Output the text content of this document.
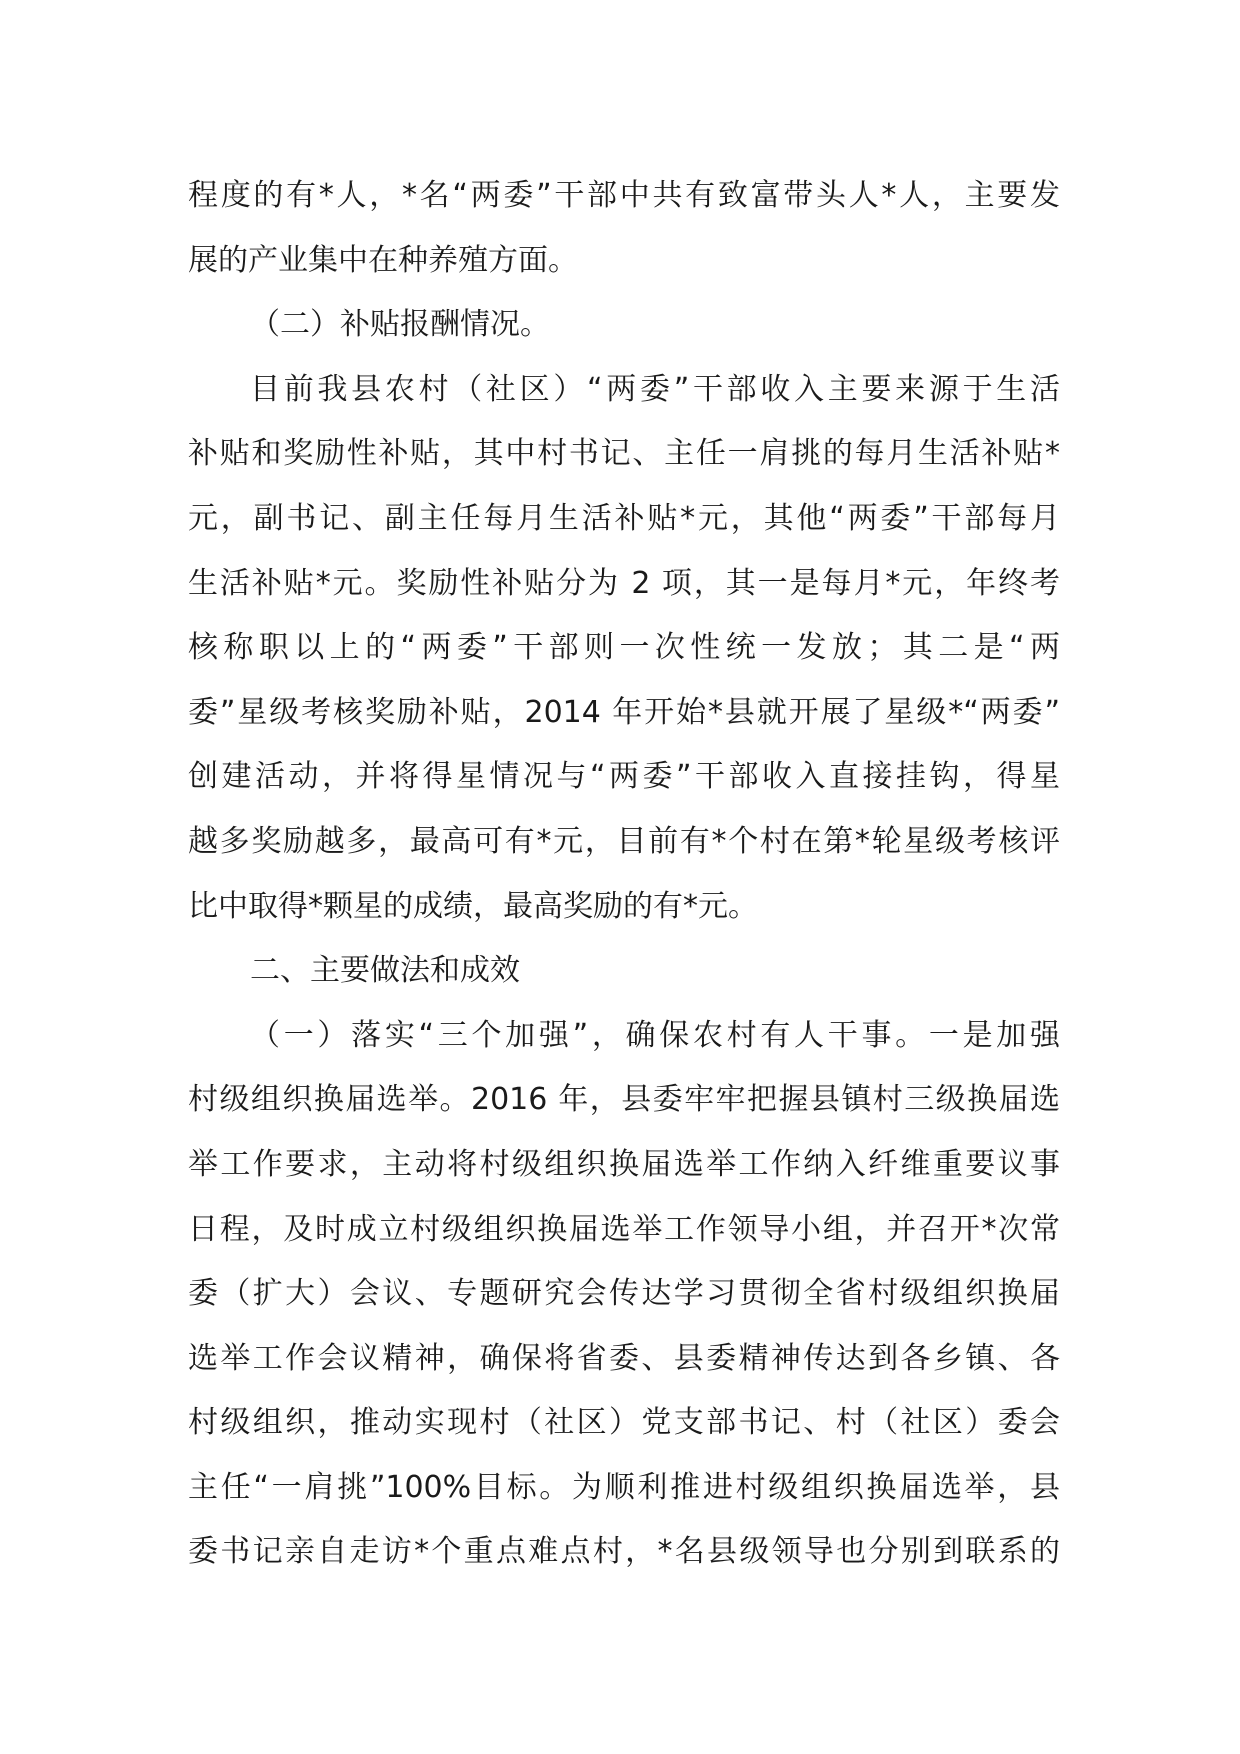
程度的有*人，*名“两委”干部中共有致富带头人*人，主要发
展的产业集中在种养殖方面。
（二）补贴报酬情况。
目前我县农村（社区）“两委”干部收入主要来源于生活
补贴和奖励性补贴，其中村书记、主任一肩挑的每月生活补贴*
元，副书记、副主任每月生活补贴*元，其他“两委”干部每月
生活补贴*元。奖励性补贴分为 2 项，其一是每月*元，年终考
核称职以上的“两委”干部则一次性统一发放；其二是“两
委”星级考核奖励补贴，2014 年开始*县就开展了星级*“两委”
创建活动，并将得星情况与“两委”干部收入直接挂钩，得星
越多奖励越多，最高可有*元，目前有*个村在第*轮星级考核评
比中取得*颗星的成绩，最高奖励的有*元。
二、主要做法和成效
（一）落实“三个加强”，确保农村有人干事。一是加强
村级组织换届选举。2016 年，县委牢牢把握县镇村三级换届选
举工作要求，主动将村级组织换届选举工作纳入纤维重要议事
日程，及时成立村级组织换届选举工作领导小组，并召开*次常
委（扩大）会议、专题研究会传达学习贯彻全省村级组织换届
选举工作会议精神，确保将省委、县委精神传达到各乡镇、各
村级组织，推动实现村（社区）党支部书记、村（社区）委会
主任“一肩挑”100%目标。为顺利推进村级组织换届选举，县
委书记亲自走访*个重点难点村，*名县级领导也分别到联系的
